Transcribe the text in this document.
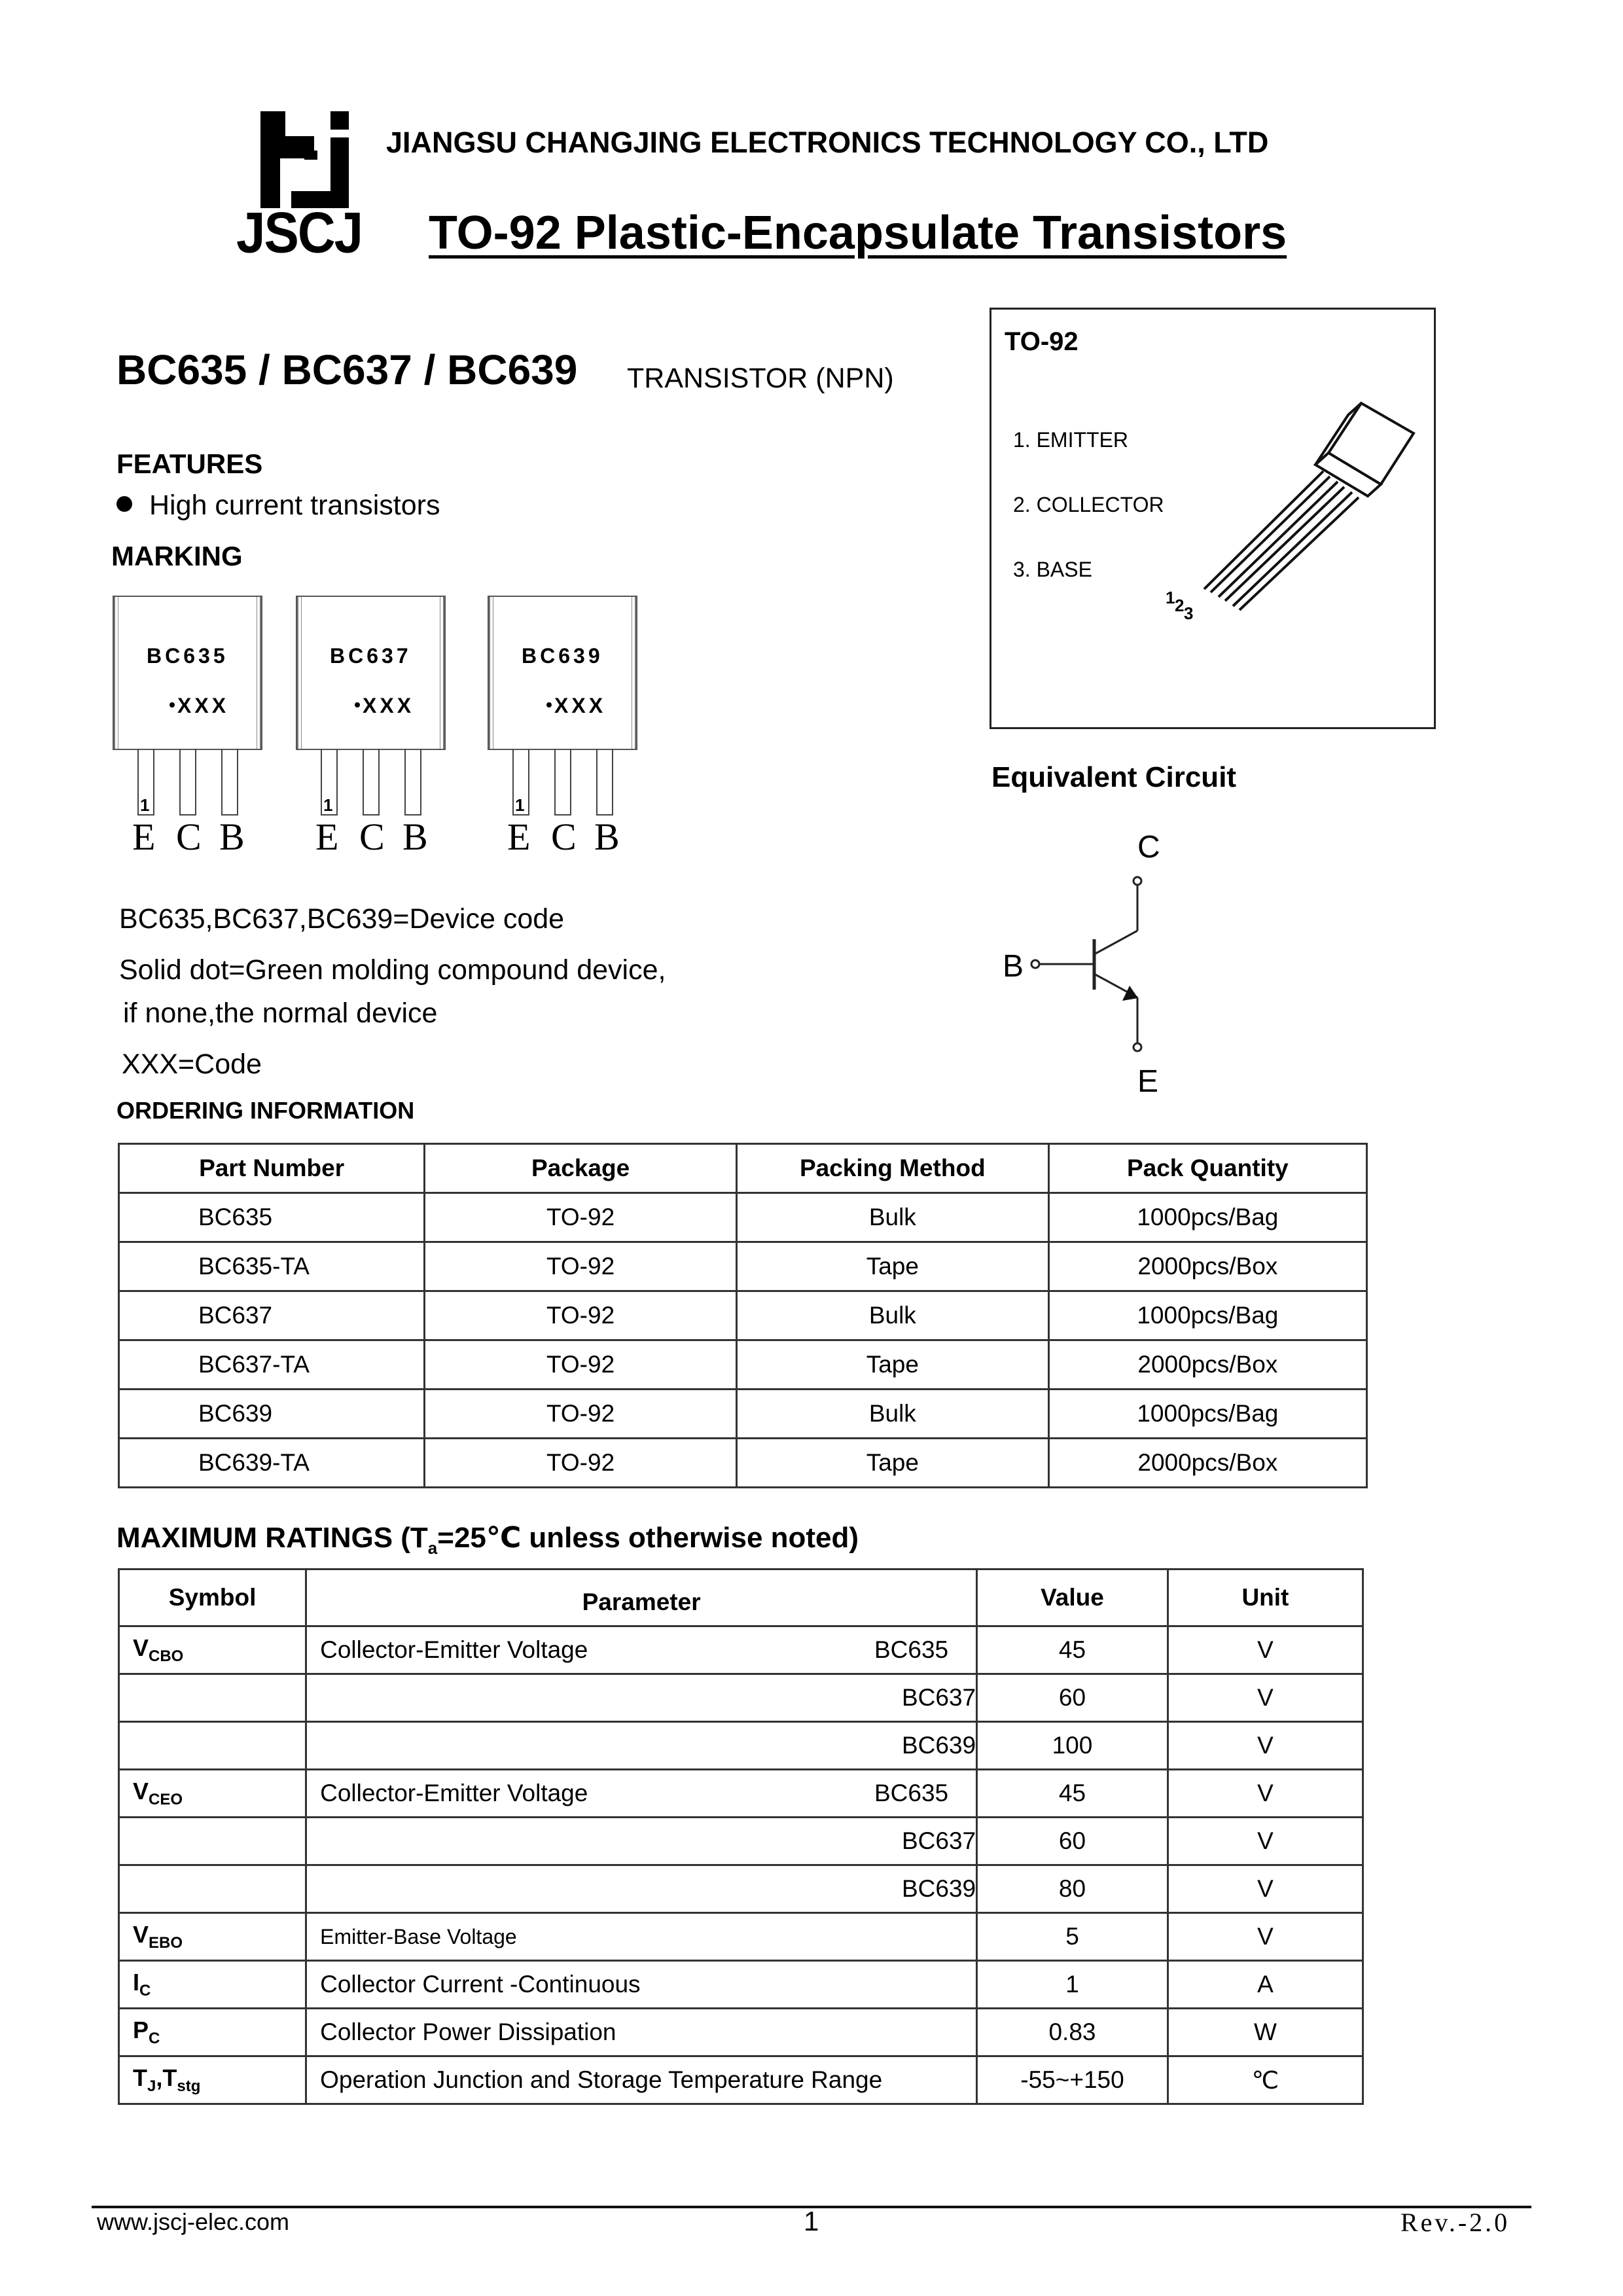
JSCJ
JIANGSU CHANGJING ELECTRONICS TECHNOLOGY CO., LTD
TO-92 Plastic-Encapsulate Transistors
BC635 / BC637 / BC639 TRANSISTOR (NPN)
FEATURES
High current transistors
MARKING
BC635
XXX
1
E C B
BC637
XXX
1
E C B
BC639
XXX
1
E C B
BC635,BC637,BC639=Device code
Solid dot=Green molding compound device,
if none,the normal device
XXX=Code
TO-92
1. EMITTER
2. COLLECTOR
3. BASE
1 2 3
Equivalent Circuit
C
B
E
ORDERING INFORMATION
Part Number	Package	Packing Method	Pack Quantity
BC635	TO-92	Bulk	1000pcs/Bag
BC635-TA	TO-92	Tape	2000pcs/Box
BC637	TO-92	Bulk	1000pcs/Bag
BC637-TA	TO-92	Tape	2000pcs/Box
BC639	TO-92	Bulk	1000pcs/Bag
BC639-TA	TO-92	Tape	2000pcs/Box
MAXIMUM RATINGS ($T_a=25℃$ unless otherwise noted)
Symbol	Parameter	Value	Unit
$V_{CBO}$	Collector-Emitter Voltage BC635	45	V
	BC637	60	V
	BC639	100	V
$V_{CEO}$	Collector-Emitter Voltage BC635	45	V
	BC637	60	V
	BC639	80	V
$V_{EBO}$	Emitter-Base Voltage	5	V
$I_C$	Collector Current -Continuous	1	A
$P_C$	Collector Power Dissipation	0.83	W
$T_J,T_{stg}$	Operation Junction and Storage Temperature Range	-55~+150	℃
www.jscj-elec.com	1	Rev.-2.0
